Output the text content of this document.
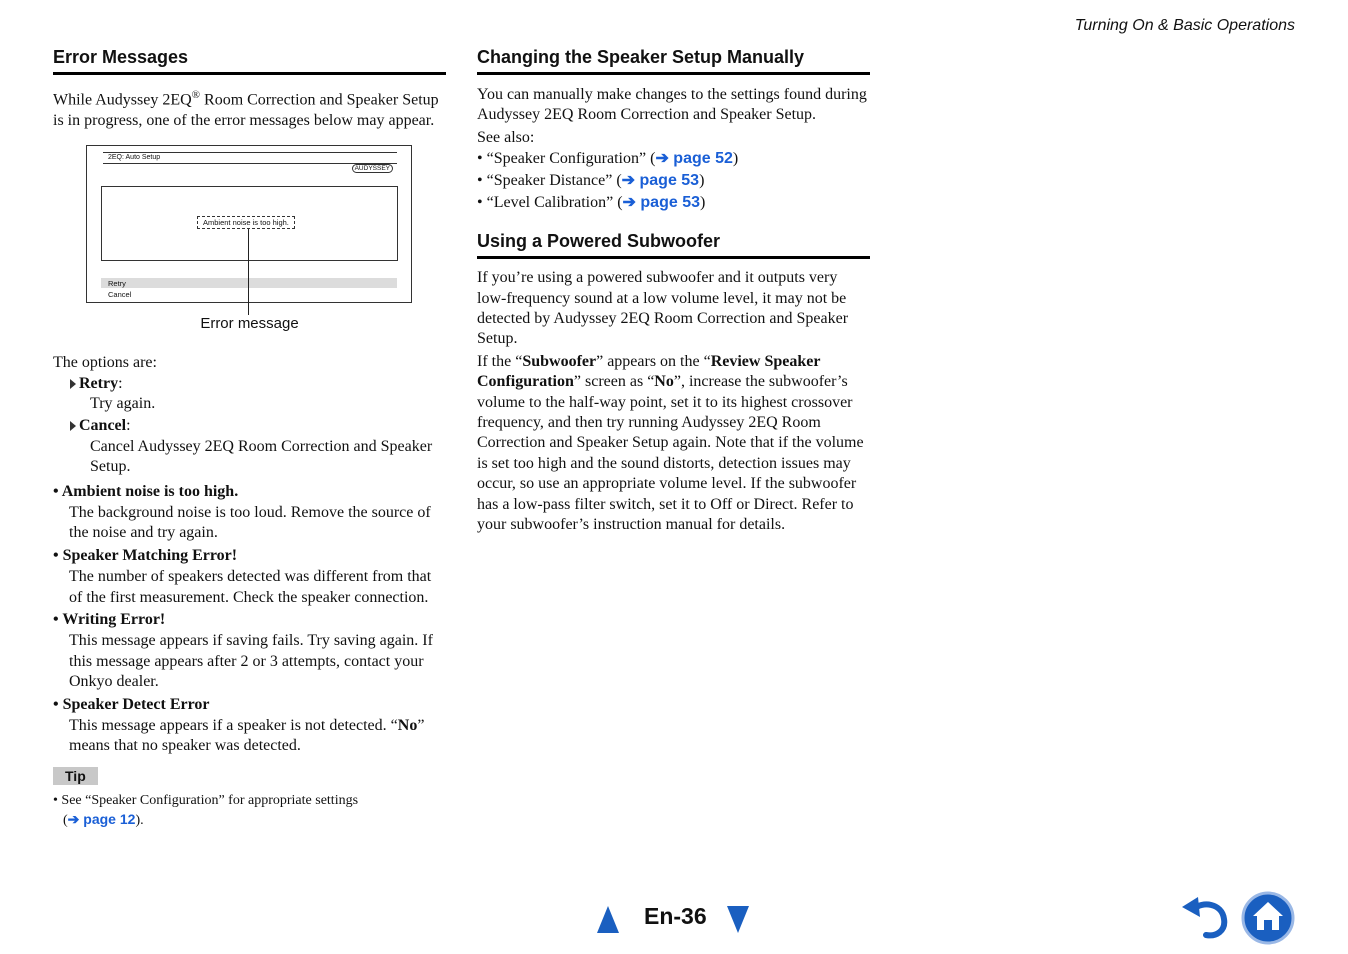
Turning On & Basic Operations
Error Messages

While Audyssey 2EQ® Room Correction and Speaker Setup is in progress, one of the error messages below may appear.

2EQ: Auto Setup
AUDYSSEY
Ambient noise is too high.
Retry
Cancel
Error message

The options are:

Retry:
Try again.
Cancel:
Cancel Audyssey 2EQ Room Correction and Speaker Setup.
• Ambient noise is too high.
The background noise is too loud. Remove the source of the noise and try again.
• Speaker Matching Error!
The number of speakers detected was different from that of the first measurement. Check the speaker connection.
• Writing Error!
This message appears if saving fails. Try saving again. If this message appears after 2 or 3 attempts, contact your Onkyo dealer.
• Speaker Detect Error
This message appears if a speaker is not detected. “No” means that no speaker was detected.
Tip
• See “Speaker Configuration” for appropriate settings
(➔ page 12).
Changing the Speaker Setup Manually

You can manually make changes to the settings found during Audyssey 2EQ Room Correction and Speaker Setup.

See also:

• “Speaker Configuration” (➔ page 52)
• “Speaker Distance” (➔ page 53)
• “Level Calibration” (➔ page 53)
Using a Powered Subwoofer

If you’re using a powered subwoofer and it outputs very low-frequency sound at a low volume level, it may not be detected by Audyssey 2EQ Room Correction and Speaker Setup.

If the “Subwoofer” appears on the “Review Speaker Configuration” screen as “No”, increase the subwoofer’s volume to the half-way point, set it to its highest crossover frequency, and then try running Audyssey 2EQ Room Correction and Speaker Setup again. Note that if the volume is set too high and the sound distorts, detection issues may occur, so use an appropriate volume level. If the subwoofer has a low-pass filter switch, set it to Off or Direct. Refer to your subwoofer’s instruction manual for details.

En-36
